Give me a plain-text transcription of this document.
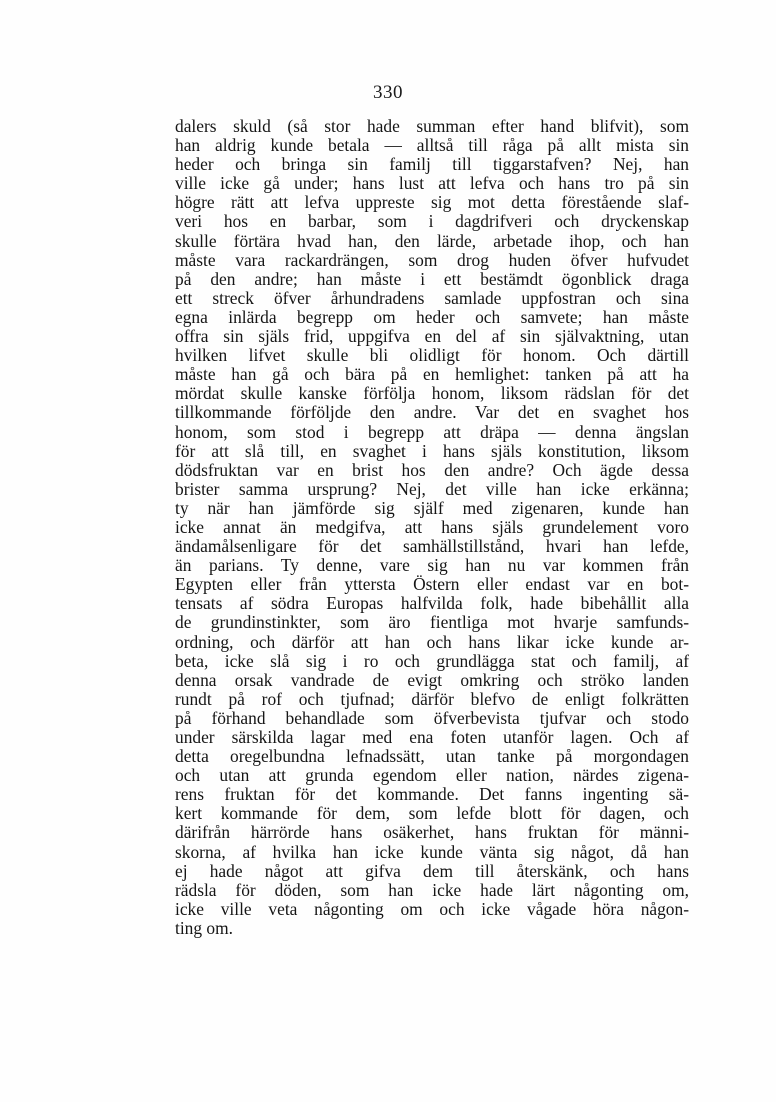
330
dalers skuld (så stor hade summan efter hand blifvit), som
han aldrig kunde betala — alltså till råga på allt mista sin
heder och bringa sin familj till tiggarstafven? Nej, han
ville icke gå under; hans lust att lefva och hans tro på sin
högre rätt att lefva uppreste sig mot detta förestående slaf-
veri hos en barbar, som i dagdrifveri och dryckenskap
skulle förtära hvad han, den lärde, arbetade ihop, och han
måste vara rackardrängen, som drog huden öfver hufvudet
på den andre; han måste i ett bestämdt ögonblick draga
ett streck öfver århundradens samlade uppfostran och sina
egna inlärda begrepp om heder och samvete; han måste
offra sin själs frid, uppgifva en del af sin självaktning, utan
hvilken lifvet skulle bli olidligt för honom. Och därtill
måste han gå och bära på en hemlighet: tanken på att ha
mördat skulle kanske förfölja honom, liksom rädslan för det
tillkommande förföljde den andre. Var det en svaghet hos
honom, som stod i begrepp att dräpa — denna ängslan
för att slå till, en svaghet i hans själs konstitution, liksom
dödsfruktan var en brist hos den andre? Och ägde dessa
brister samma ursprung? Nej, det ville han icke erkänna;
ty när han jämförde sig själf med zigenaren, kunde han
icke annat än medgifva, att hans själs grundelement voro
ändamålsenligare för det samhällstillstånd, hvari han lefde,
än parians. Ty denne, vare sig han nu var kommen från
Egypten eller från yttersta Östern eller endast var en bot-
tensats af södra Europas halfvilda folk, hade bibehållit alla
de grundinstinkter, som äro fientliga mot hvarje samfunds-
ordning, och därför att han och hans likar icke kunde ar-
beta, icke slå sig i ro och grundlägga stat och familj, af
denna orsak vandrade de evigt omkring och ströko landen
rundt på rof och tjufnad; därför blefvo de enligt folkrätten
på förhand behandlade som öfverbevista tjufvar och stodo
under särskilda lagar med ena foten utanför lagen. Och af
detta oregelbundna lefnadssätt, utan tanke på morgondagen
och utan att grunda egendom eller nation, närdes zigena-
rens fruktan för det kommande. Det fanns ingenting sä-
kert kommande för dem, som lefde blott för dagen, och
därifrån härrörde hans osäkerhet, hans fruktan för männi-
skorna, af hvilka han icke kunde vänta sig något, då han
ej hade något att gifva dem till återskänk, och hans
rädsla för döden, som han icke hade lärt någonting om,
icke ville veta någonting om och icke vågade höra någon-
ting om.
